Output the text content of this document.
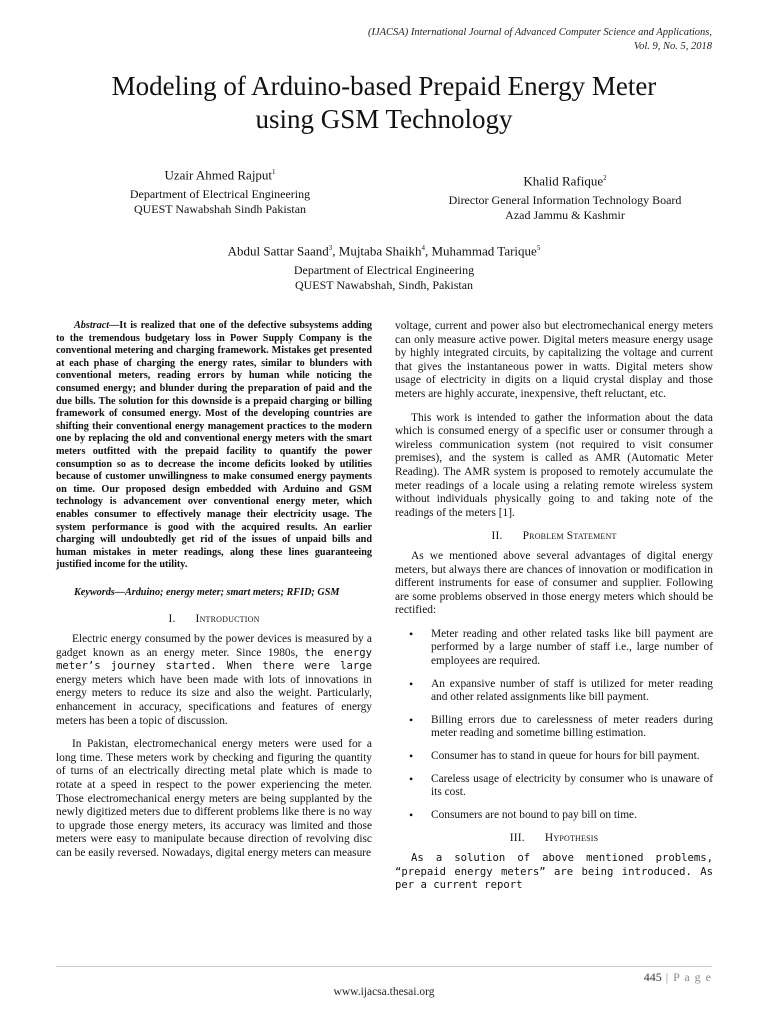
(IJACSA) International Journal of Advanced Computer Science and Applications,
Vol. 9, No. 5, 2018
Modeling of Arduino-based Prepaid Energy Meter
using GSM Technology
Uzair Ahmed Rajput$^1$
Department of Electrical Engineering
QUEST Nawabshah Sindh Pakistan
Khalid Rafique$^2$
Director General Information Technology Board
Azad Jammu & Kashmir
Abdul Sattar Saand$^3$, Mujtaba Shaikh$^4$, Muhammad Tarique$^5$
Department of Electrical Engineering
QUEST Nawabshah, Sindh, Pakistan

Abstract—It is realized that one of the defective subsystems adding to the tremendous budgetary loss in Power Supply Company is the conventional metering and charging framework. Mistakes get presented at each phase of charging the energy rates, similar to blunders with conventional meters, reading errors by human while noticing the consumed energy; and blunder during the preparation of paid and the due bills. The solution for this downside is a prepaid charging or billing framework of consumed energy. Most of the developing countries are shifting their conventional energy management practices to the modern one by replacing the old and conventional energy meters with the smart meters outfitted with the prepaid facility to quantify the power consumption so as to decrease the income deficits looked by utilities because of customer unwillingness to make consumed energy payments on time. Our proposed design embedded with Arduino and GSM technology is advancement over conventional energy meter, which enables consumer to effectively manage their electricity usage. The system performance is good with the acquired results. An earlier charging will undoubtedly get rid of the issues of unpaid bills and human mistakes in meter readings, along these lines guaranteeing justified income for the utility.

Keywords—Arduino; energy meter; smart meters; RFID; GSM

I. Introduction

Electric energy consumed by the power devices is measured by a gadget known as an energy meter. Since 1980s, the energy meter’s journey started. When there were large energy meters which have been made with lots of innovations in energy meters to reduce its size and also the weight. Particularly, enhancement in accuracy, specifications and features of energy meters has been a topic of discussion.

In Pakistan, electromechanical energy meters were used for a long time. These meters work by checking and figuring the quantity of turns of an electrically directing metal plate which is made to rotate at a speed in respect to the power experiencing the meter. Those electromechanical energy meters are being supplanted by the newly digitized meters due to different problems like there is no way to upgrade those energy meters, its accuracy was limited and those meters were easy to manipulate because direction of revolving disc can be easily reversed. Nowadays, digital energy meters can measure

voltage, current and power also but electromechanical energy meters can only measure active power. Digital meters measure energy usage by highly integrated circuits, by capitalizing the voltage and current that gives the instantaneous power in watts. Digital meters show usage of electricity in digits on a liquid crystal display and those meters are highly accurate, inexpensive, theft reluctant, etc.

This work is intended to gather the information about the data which is consumed energy of a specific user or consumer through a wireless communication system (not required to visit consumer premises), and the system is called as AMR (Automatic Meter Reading). The AMR system is proposed to remotely accumulate the meter readings of a locale using a relating remote wireless system without individuals physically going to and taking note of the readings of the meters [1].

II. Problem Statement

As we mentioned above several advantages of digital energy meters, but always there are chances of innovation or modification in different instruments for ease of consumer and supplier. Following are some problems observed in those energy meters which should be rectified:

• Meter reading and other related tasks like bill payment are performed by a large number of staff i.e., large number of employees are required.
• An expansive number of staff is utilized for meter reading and other related assignments like bill payment.
• Billing errors due to carelessness of meter readers during meter reading and sometime billing estimation.
• Consumer has to stand in queue for hours for bill payment.
• Careless usage of electricity by consumer who is unaware of its cost.
• Consumers are not bound to pay bill on time.
III. Hypothesis

As a solution of above mentioned problems, “prepaid energy meters” are being introduced. As per a current report

445 | P a g e
www.ijacsa.thesai.org
